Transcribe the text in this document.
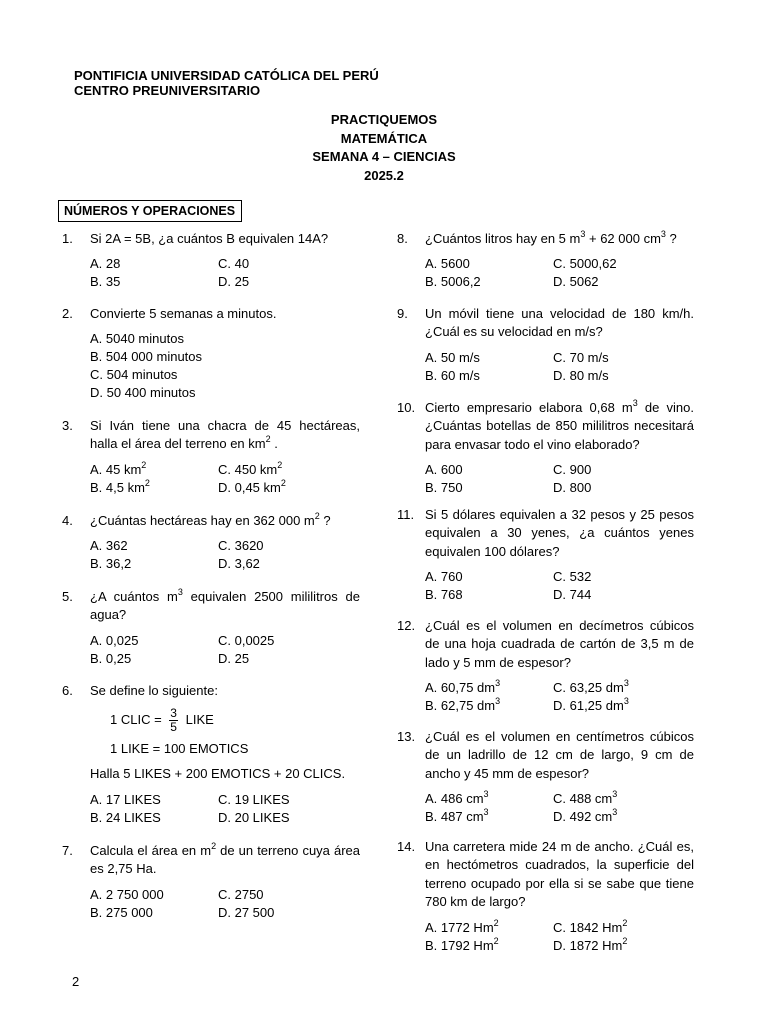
PONTIFICIA UNIVERSIDAD CATÓLICA DEL PERÚ
CENTRO PREUNIVERSITARIO
PRACTIQUEMOS
MATEMÁTICA
SEMANA 4 – CIENCIAS
2025.2
NÚMEROS Y OPERACIONES
1. Si 2A = 5B, ¿a cuántos B equivalen 14A?
A. 28	C. 40
B. 35	D. 25
2. Convierte 5 semanas a minutos.
A. 5040 minutos
B. 504 000 minutos
C. 504 minutos
D. 50 400 minutos
3. Si Iván tiene una chacra de 45 hectáreas, halla el área del terreno en $km^2$ .
A. 45 $km^2$	C. 450 $km^2$
B. 4,5 $km^2$	D. 0,45 $km^2$
4. ¿Cuántas hectáreas hay en 362 000 $m^2$ ?
A. 362	C. 3620
B. 36,2	D. 3,62
5. ¿A cuántos $m^3$ equivalen 2500 mililitros de agua?
A. 0,025	C. 0,0025
B. 0,25	D. 25
6. Se define lo siguiente:
1 CLIC = $\frac{3}{5}$ LIKE
1 LIKE = 100 EMOTICS
Halla 5 LIKES + 200 EMOTICS + 20 CLICS.
A. 17 LIKES	C. 19 LIKES
B. 24 LIKES	D. 20 LIKES
7. Calcula el área en $m^2$ de un terreno cuya área es 2,75 Ha.
A. 2 750 000	C. 2750
B. 275 000	D. 27 500
8. ¿Cuántos litros hay en 5 $m^3 + 62$ 000 $cm^3$ ?
A. 5600	C. 5000,62
B. 5006,2	D. 5062
9. Un móvil tiene una velocidad de 180 km/h. ¿Cuál es su velocidad en m/s?
A. 50 m/s	C. 70 m/s
B. 60 m/s	D. 80 m/s
10. Cierto empresario elabora 0,68 $m^3$ de vino. ¿Cuántas botellas de 850 mililitros necesitará para envasar todo el vino elaborado?
A. 600	C. 900
B. 750	D. 800
11. Si 5 dólares equivalen a 32 pesos y 25 pesos equivalen a 30 yenes, ¿a cuántos yenes equivalen 100 dólares?
A. 760	C. 532
B. 768	D. 744
12. ¿Cuál es el volumen en decímetros cúbicos de una hoja cuadrada de cartón de 3,5 m de lado y 5 mm de espesor?
A. 60,75 $dm^3$	C. 63,25 $dm^3$
B. 62,75 $dm^3$	D. 61,25 $dm^3$
13. ¿Cuál es el volumen en centímetros cúbicos de un ladrillo de 12 cm de largo, 9 cm de ancho y 45 mm de espesor?
A. 486 $cm^3$	C. 488 $cm^3$
B. 487 $cm^3$	D. 492 $cm^3$
14. Una carretera mide 24 m de ancho. ¿Cuál es, en hectómetros cuadrados, la superficie del terreno ocupado por ella si se sabe que tiene 780 km de largo?
A. 1772 Hm$^2$	C. 1842 Hm$^2$
B. 1792 Hm$^2$	D. 1872 Hm$^2$
2
